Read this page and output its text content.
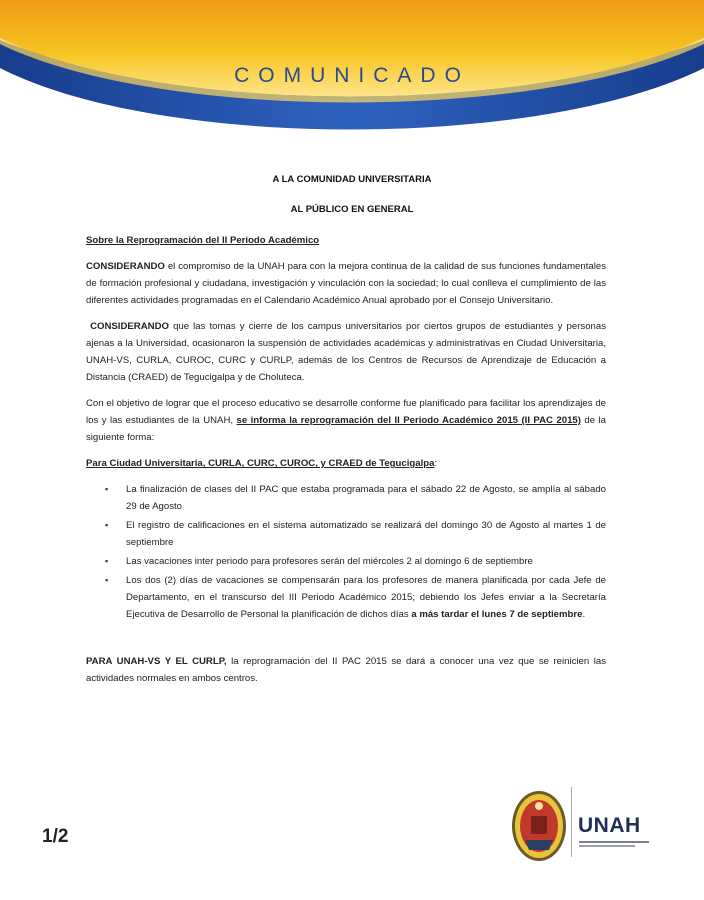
COMUNICADO
A LA COMUNIDAD UNIVERSITARIA
AL PÚBLICO EN GENERAL

Sobre la Reprogramación del II Periodo Académico

CONSIDERANDO el compromiso de la UNAH para con la mejora continua de la calidad de sus funciones fundamentales de formación profesional y ciudadana, investigación y vinculación con la sociedad; lo cual conlleva el cumplimiento de las diferentes actividades programadas en el Calendario Académico Anual aprobado por el Consejo Universitario.

CONSIDERANDO que las tomas y cierre de los campus universitarios por ciertos grupos de estudiantes y personas ajenas a la Universidad, ocasionaron la suspensión de actividades académicas y administrativas en Ciudad Universitaria, UNAH-VS, CURLA, CUROC, CURC y CURLP, además de los Centros de Recursos de Aprendizaje de Educación a Distancia (CRAED) de Tegucigalpa y de Choluteca.

Con el objetivo de lograr que el proceso educativo se desarrolle conforme fue planificado para facilitar los aprendizajes de los y las estudiantes de la UNAH, se informa la reprogramación del II Periodo Académico 2015 (II PAC 2015) de la siguiente forma:

Para Ciudad Universitaria, CURLA, CURC, CUROC, y CRAED de Tegucigalpa:

▪ La finalización de clases del II PAC que estaba programada para el sábado 22 de Agosto, se amplía al sábado 29 de Agosto
▪ El registro de calificaciones en el sistema automatizado se realizará del domingo 30 de Agosto al martes 1 de septiembre
▪ Las vacaciones inter periodo para profesores serán del miércoles 2 al domingo 6 de septiembre
▪ Los dos (2) días de vacaciones se compensarán para los profesores de manera planificada por cada Jefe de Departamento, en el transcurso del III Periodo Académico 2015; debiendo los Jefes enviar a la Secretaría Ejecutiva de Desarrollo de Personal la planificación de dichos días a más tardar el lunes 7 de septiembre.

PARA UNAH-VS Y EL CURLP, la reprogramación del II PAC 2015 se dará a conocer una vez que se reinicien las actividades normales en ambos centros.

1/2	UNAH
